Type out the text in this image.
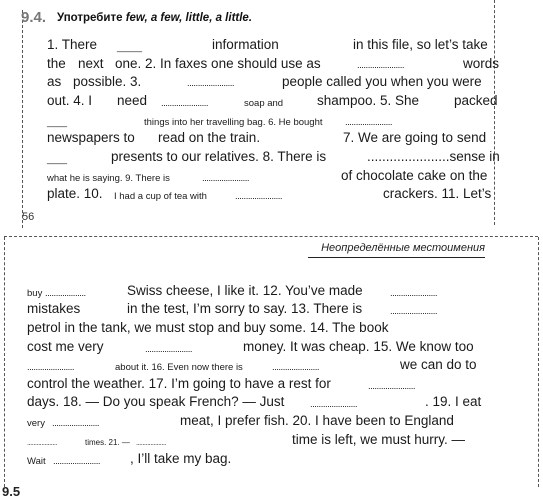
9.4. Употребите few, a few, little, a little.
1. There _____	information	in this file, so let’s take
the next one. 2. In faxes one should use as	......................	words
as possible. 3.	......................	people called you when you were
out. 4. I need ......................	soap and	shampoo. 5. She	packed
____	things into her travelling bag. 6. He bought ......................
newspapers to read on the train.	7. We are going to send
____	presents to our relatives. 8. There is	......................sense in
what he is saying. 9. There is	......................	of chocolate cake on the
plate. 10. I had a cup of tea with	......................	crackers. 11. Let’s
56
Неопределённые местоимения
buy ...................	Swiss cheese, I like it. 12. You’ve made	......................
mistakes	in the test, I’m sorry to say. 13. There is	......................
petrol in the tank, we must stop and buy some. 14. The book
cost me very	......................	money. It was cheap. 15. We know too
......................	about it. 16. Even now there is	......................	we can do to
control the weather. 17. I’m going to have a rest for	......................
days. 18. — Do you speak French? — Just	......................	. 19. I eat
very ......................	meat, I prefer fish. 20. I have been to England
...................	times. 21. — ...................	time is left, we must hurry. —
Wait ...................... , I’ll take my bag.
9.5
